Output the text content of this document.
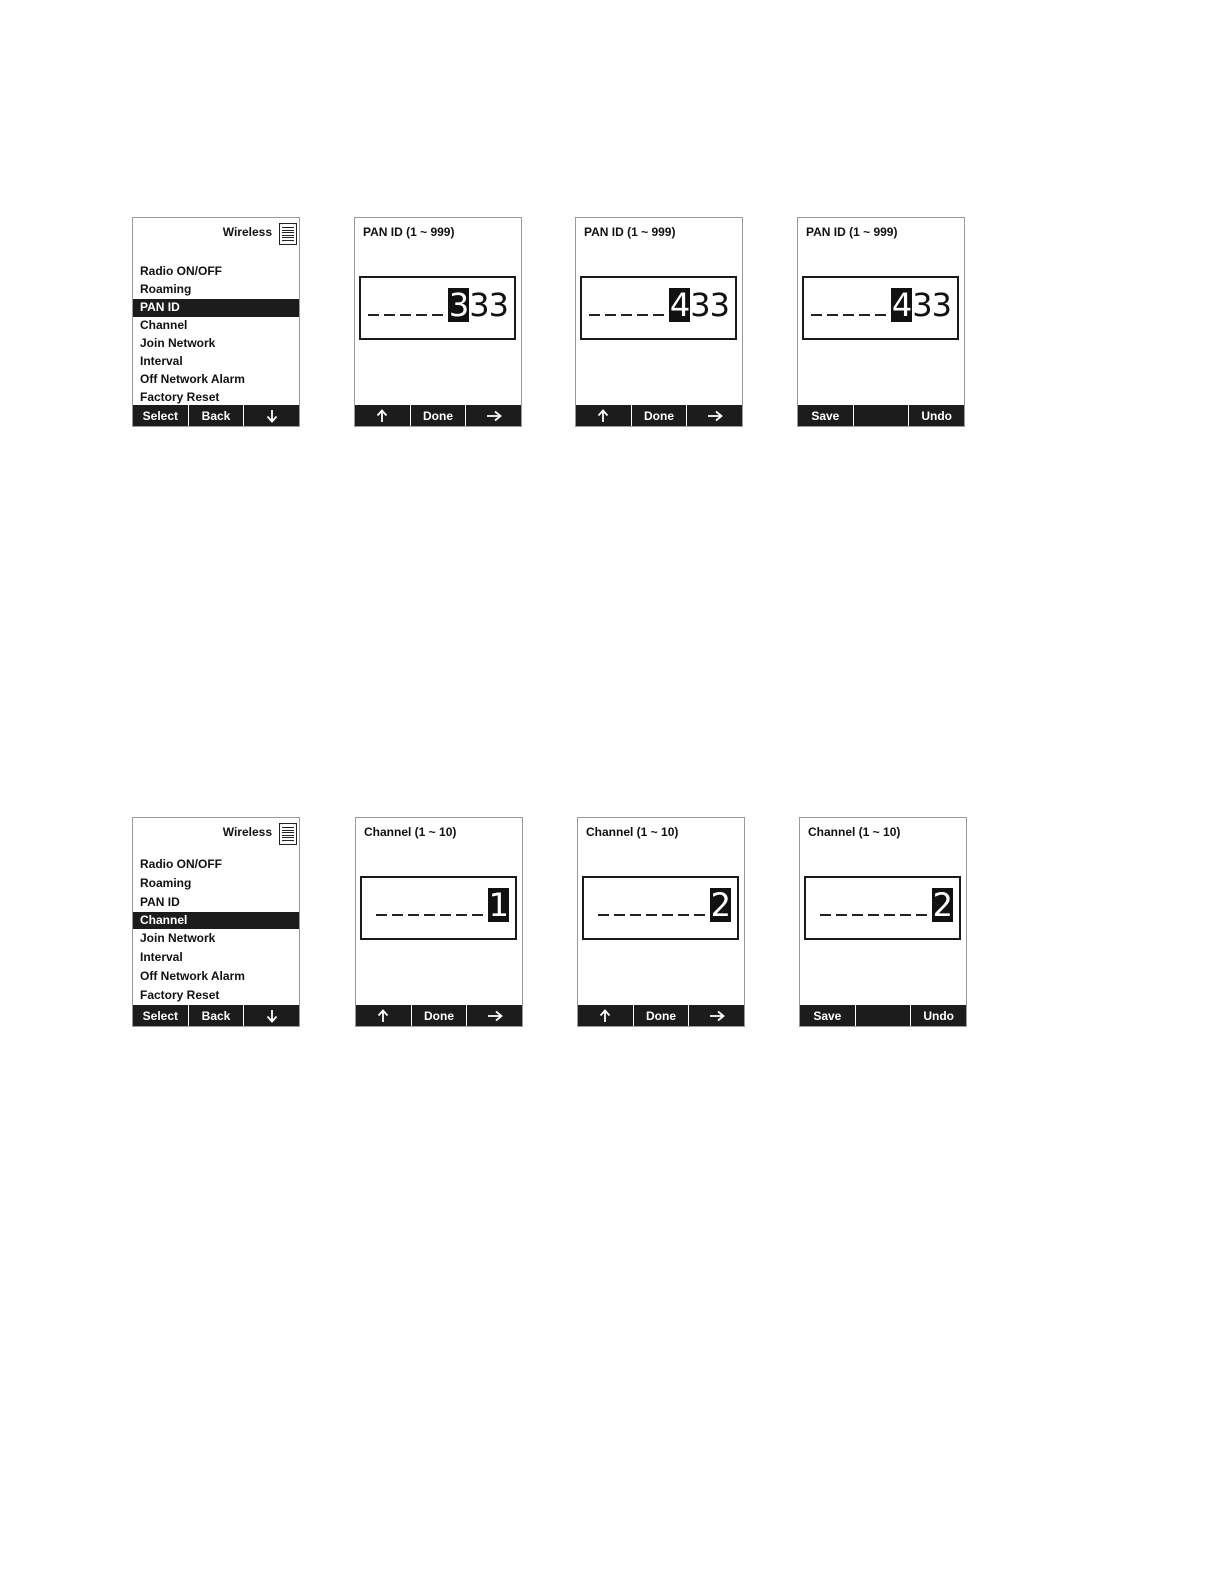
Wireless
Radio ON/OFF
Roaming
PAN ID
Channel
Join Network
Interval
Off Network Alarm
Factory Reset
Select	Back
PAN ID (1 ~ 999)
3 33
Done
PAN ID (1 ~ 999)
4 33
Done
PAN ID (1 ~ 999)
4 33
Save	Undo
Wireless
Radio ON/OFF
Roaming
PAN ID
Channel
Join Network
Interval
Off Network Alarm
Factory Reset
Select	Back
Channel (1 ~ 10)
1
Done
Channel (1 ~ 10)
2
Done
Channel (1 ~ 10)
2
Save	Undo
